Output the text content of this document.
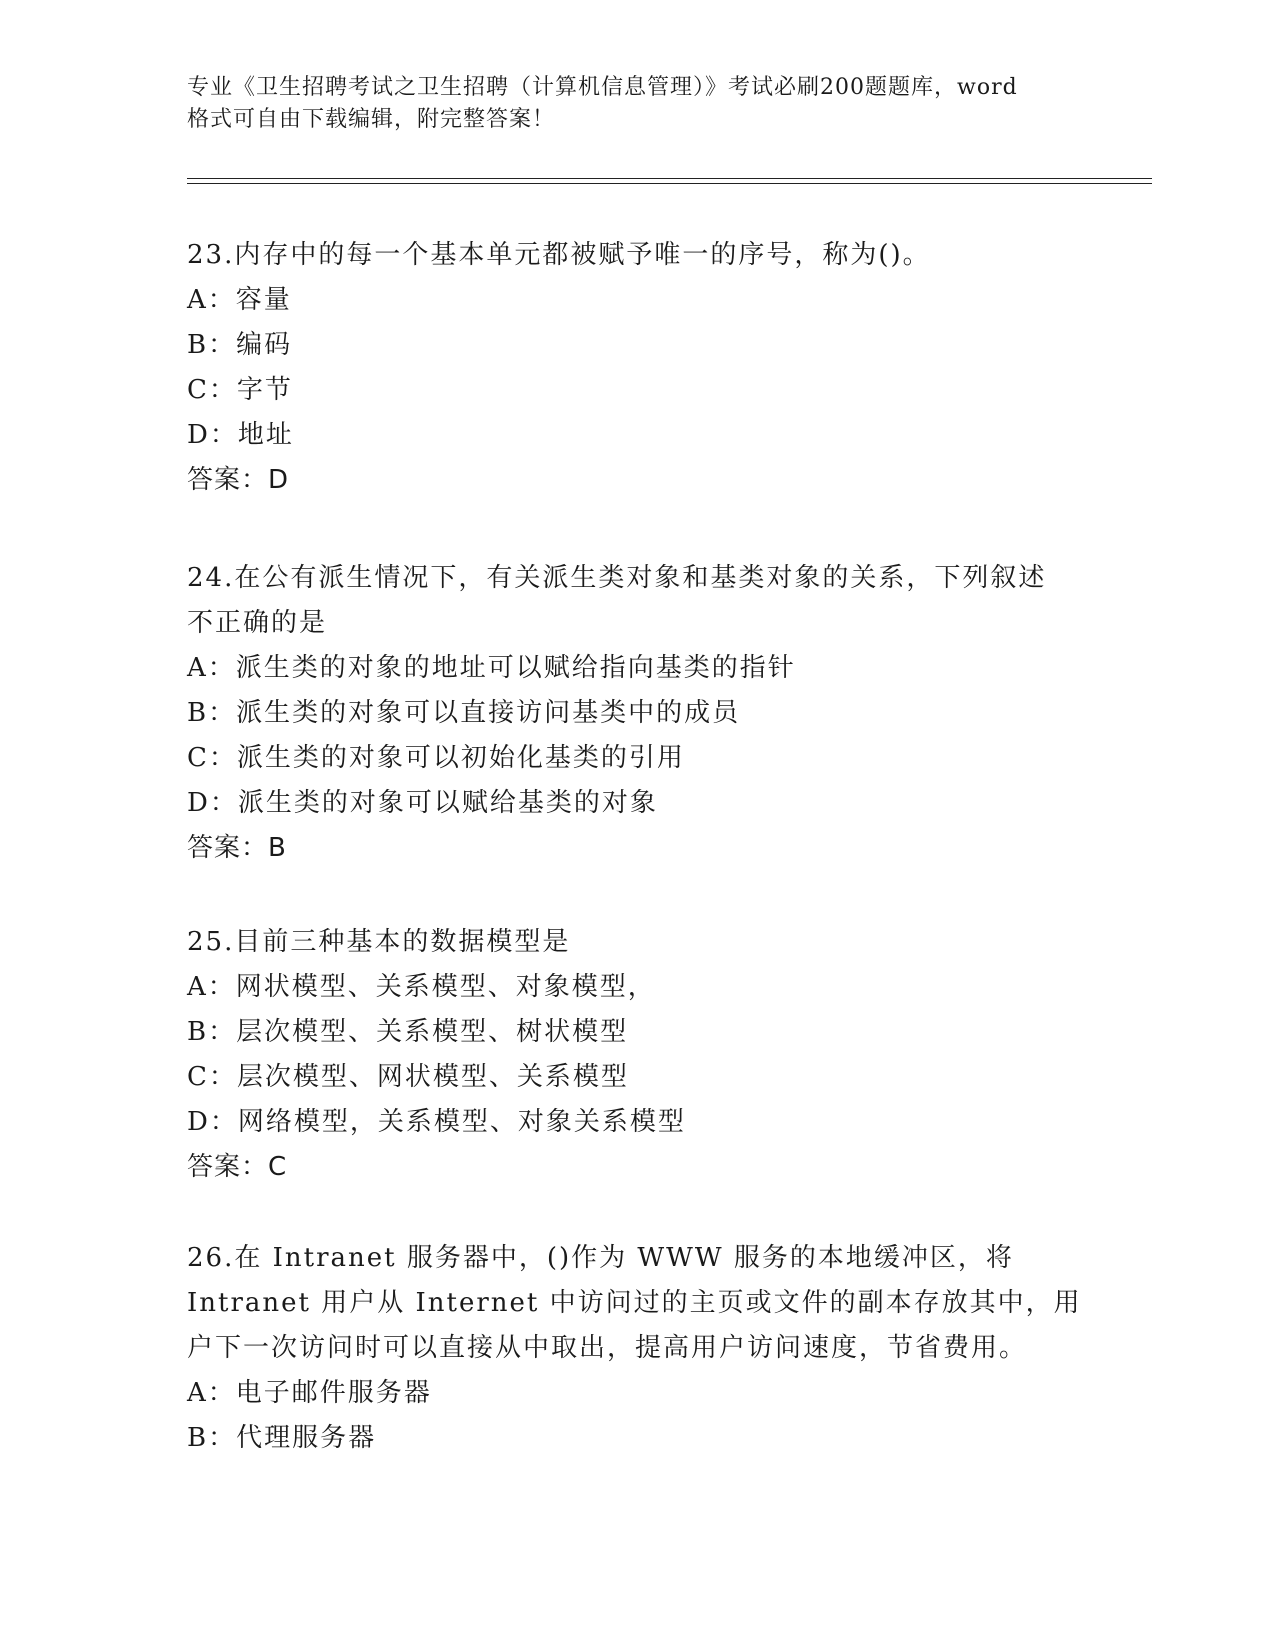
专业《卫生招聘考试之卫生招聘（计算机信息管理）》考试必刷200题题库，word
格式可自由下载编辑，附完整答案！

23.内存中的每一个基本单元都被赋予唯一的序号，称为()。

A：容量

B：编码

C：字节

D：地址

答案：D

24.在公有派生情况下，有关派生类对象和基类对象的关系，下列叙述

不正确的是

A：派生类的对象的地址可以赋给指向基类的指针

B：派生类的对象可以直接访问基类中的成员

C：派生类的对象可以初始化基类的引用

D：派生类的对象可以赋给基类的对象

答案：B

25.目前三种基本的数据模型是

A：网状模型、关系模型、对象模型，

B：层次模型、关系模型、树状模型

C：层次模型、网状模型、关系模型

D：网络模型，关系模型、对象关系模型

答案：C

26.在 Intranet 服务器中，()作为 WWW 服务的本地缓冲区，将

Intranet 用户从 Internet 中访问过的主页或文件的副本存放其中，用

户下一次访问时可以直接从中取出，提高用户访问速度，节省费用。

A：电子邮件服务器

B：代理服务器
